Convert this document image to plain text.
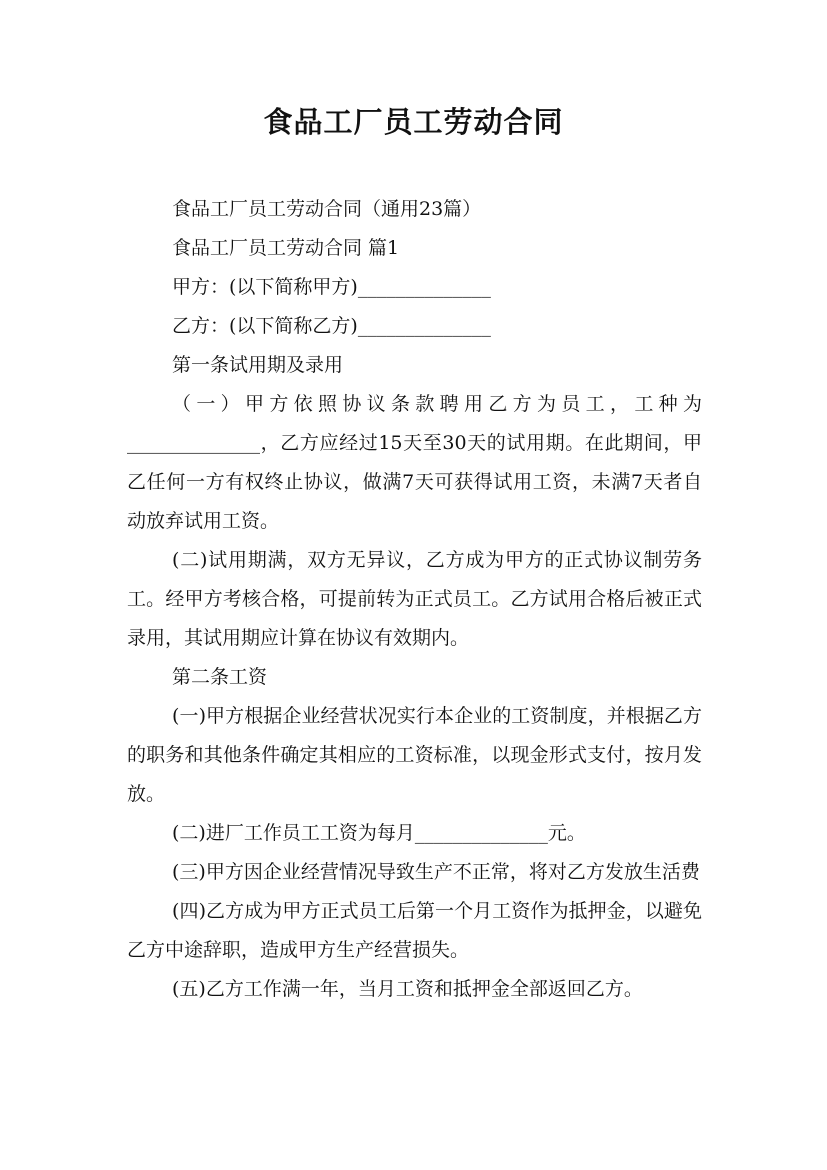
食品工厂员工劳动合同

食品工厂员工劳动合同（通用23篇）

食品工厂员工劳动合同 篇1

甲方：(以下简称甲方)______________

乙方：(以下简称乙方)______________

第一条试用期及录用

（一）甲方依照协议条款聘用乙方为员工，工种为______________，乙方应经过15天至30天的试用期。在此期间，甲乙任何一方有权终止协议，做满7天可获得试用工资，未满7天者自动放弃试用工资。

(二)试用期满，双方无异议，乙方成为甲方的正式协议制劳务工。经甲方考核合格，可提前转为正式员工。乙方试用合格后被正式录用，其试用期应计算在协议有效期内。

第二条工资

(一)甲方根据企业经营状况实行本企业的工资制度，并根据乙方的职务和其他条件确定其相应的工资标准，以现金形式支付，按月发放。

(二)进厂工作员工工资为每月______________元。

(三)甲方因企业经营情况导致生产不正常，将对乙方发放生活费

(四)乙方成为甲方正式员工后第一个月工资作为抵押金，以避免乙方中途辞职，造成甲方生产经营损失。

(五)乙方工作满一年，当月工资和抵押金全部返回乙方。
